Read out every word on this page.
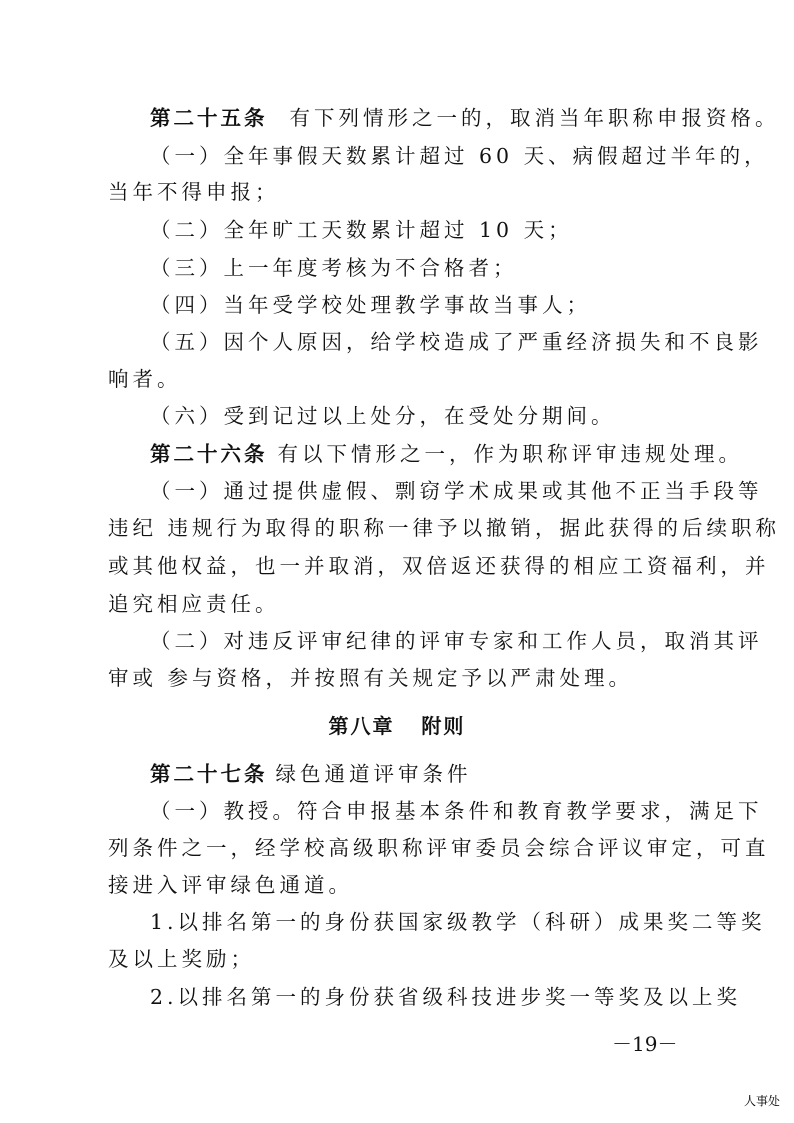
第二十五条 有下列情形之一的，取消当年职称申报资格。
（一）全年事假天数累计超过 60 天、病假超过半年的，
当年不得申报；
（二）全年旷工天数累计超过 10 天；
（三）上一年度考核为不合格者；
（四）当年受学校处理教学事故当事人；
（五）因个人原因，给学校造成了严重经济损失和不良影
响者。
（六）受到记过以上处分，在受处分期间。
第二十六条 有以下情形之一，作为职称评审违规处理。
（一）通过提供虚假、剽窃学术成果或其他不正当手段等
违纪 违规行为取得的职称一律予以撤销，据此获得的后续职称
或其他权益，也一并取消，双倍返还获得的相应工资福利，并
追究相应责任。
（二）对违反评审纪律的评审专家和工作人员，取消其评
审或 参与资格，并按照有关规定予以严肃处理。
第八章   附则
第二十七条 绿色通道评审条件
（一）教授。符合申报基本条件和教育教学要求，满足下
列条件之一，经学校高级职称评审委员会综合评议审定，可直
接进入评审绿色通道。
1.以排名第一的身份获国家级教学（科研）成果奖二等奖
及以上奖励；
2.以排名第一的身份获省级科技进步奖一等奖及以上奖
－19－
人事处
